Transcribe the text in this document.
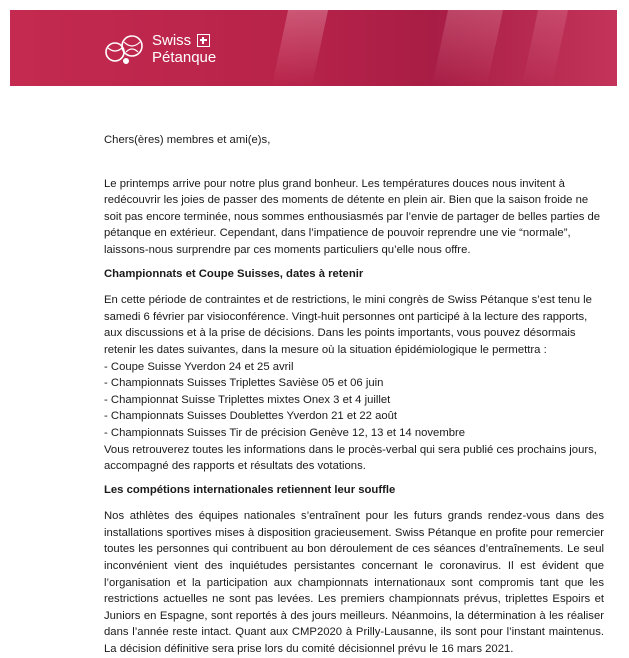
Swiss
Pétanque

Chers(ères) membres et ami(e)s,

Le printemps arrive pour notre plus grand bonheur. Les températures douces nous invitent à redécouvrir les joies de passer des moments de détente en plein air. Bien que la saison froide ne soit pas encore terminée, nous sommes enthousiasmés par l’envie de partager de belles parties de pétanque en extérieur. Cependant, dans l’impatience de pouvoir reprendre une vie “normale”, laissons-nous surprendre par ces moments particuliers qu’elle nous offre.

Championnats et Coupe Suisses, dates à retenir

En cette période de contraintes et de restrictions, le mini congrès de Swiss Pétanque s’est tenu le samedi 6 février par visioconférence. Vingt-huit personnes ont participé à la lecture des rapports, aux discussions et à la prise de décisions. Dans les points importants, vous pouvez désormais retenir les dates suivantes, dans la mesure où la situation épidémiologique le permettra :

- Coupe Suisse Yverdon 24 et 25 avril
- Championnats Suisses Triplettes Savièse 05 et 06 juin
- Championnat Suisse Triplettes mixtes Onex 3 et 4 juillet
- Championnats Suisses Doublettes Yverdon 21 et 22 août
- Championnats Suisses Tir de précision Genève 12, 13 et 14 novembre

Vous retrouverez toutes les informations dans le procès-verbal qui sera publié ces prochains jours, accompagné des rapports et résultats des votations.

Les compétions internationales retiennent leur souffle

Nos athlètes des équipes nationales s’entraînent pour les futurs grands rendez-vous dans des installations sportives mises à disposition gracieusement. Swiss Pétanque en profite pour remercier toutes les personnes qui contribuent au bon déroulement de ces séances d’entraînements. Le seul inconvénient vient des inquiétudes persistantes concernant le coronavirus. Il est évident que l’organisation et la participation aux championnats internationaux sont compromis tant que les restrictions actuelles ne sont pas levées. Les premiers championnats prévus, triplettes Espoirs et Juniors en Espagne, sont reportés à des jours meilleurs. Néanmoins, la détermination à les réaliser dans l’année reste intact. Quant aux CMP2020 à Prilly-Lausanne, ils sont pour l’instant maintenus. La décision définitive sera prise lors du comité décisionnel prévu le 16 mars 2021.
